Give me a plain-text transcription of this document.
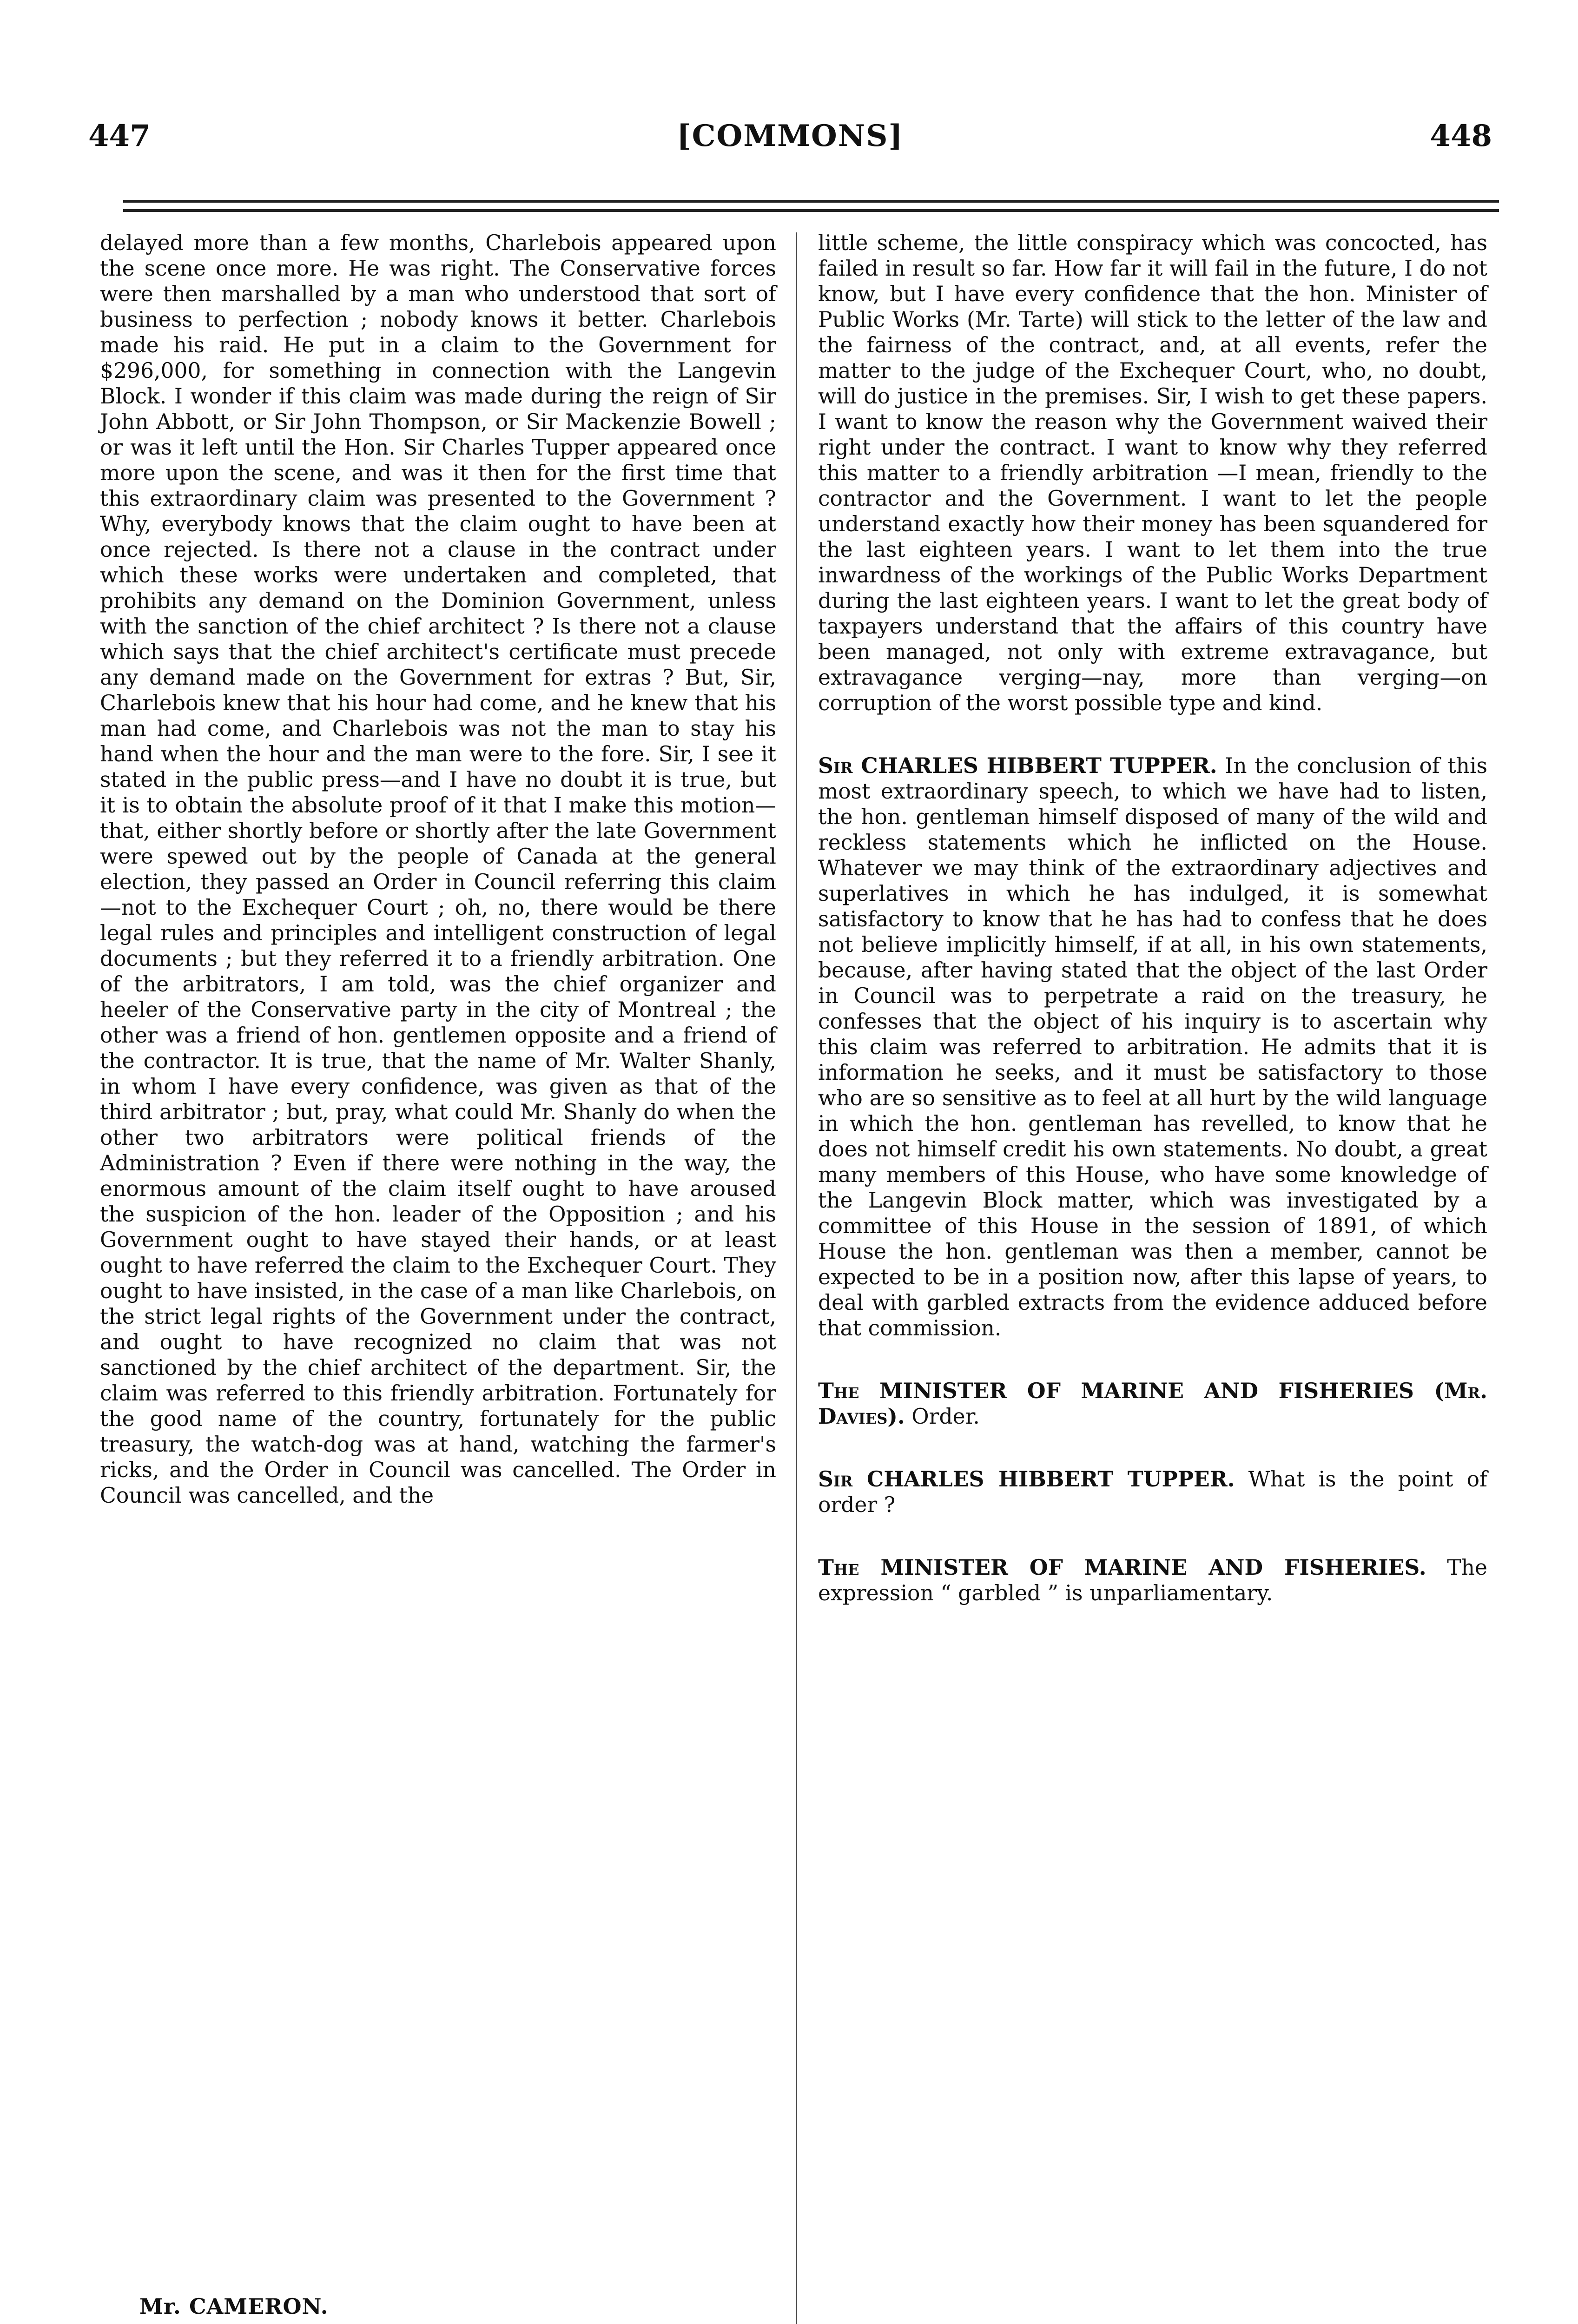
447	[COMMONS]	448

delayed more than a few months, Charlebois appeared upon the scene once more. He was right. The Conservative forces were then marshalled by a man who understood that sort of business to perfection ; nobody knows it better. Charlebois made his raid. He put in a claim to the Government for $296,000, for something in connection with the Langevin Block. I wonder if this claim was made during the reign of Sir John Abbott, or Sir John Thompson, or Sir Mackenzie Bowell ; or was it left until the Hon. Sir Charles Tupper appeared once more upon the scene, and was it then for the first time that this extraordinary claim was presented to the Government ? Why, everybody knows that the claim ought to have been at once rejected. Is there not a clause in the contract under which these works were undertaken and completed, that prohibits any demand on the Dominion Government, unless with the sanction of the chief architect ? Is there not a clause which says that the chief architect's certificate must precede any demand made on the Government for extras ? But, Sir, Charlebois knew that his hour had come, and he knew that his man had come, and Charlebois was not the man to stay his hand when the hour and the man were to the fore. Sir, I see it stated in the public press—and I have no doubt it is true, but it is to obtain the absolute proof of it that I make this motion—that, either shortly before or shortly after the late Government were spewed out by the people of Canada at the general election, they passed an Order in Council referring this claim—not to the Exchequer Court ; oh, no, there would be there legal rules and principles and intelligent construction of legal documents ; but they referred it to a friendly arbitration. One of the arbitrators, I am told, was the chief organizer and heeler of the Conservative party in the city of Montreal ; the other was a friend of hon. gentlemen opposite and a friend of the contractor. It is true, that the name of Mr. Walter Shanly, in whom I have every confidence, was given as that of the third arbitrator ; but, pray, what could Mr. Shanly do when the other two arbitrators were political friends of the Administration ? Even if there were nothing in the way, the enormous amount of the claim itself ought to have aroused the suspicion of the hon. leader of the Opposition ; and his Government ought to have stayed their hands, or at least ought to have referred the claim to the Exchequer Court. They ought to have insisted, in the case of a man like Charlebois, on the strict legal rights of the Government under the contract, and ought to have recognized no claim that was not sanctioned by the chief architect of the department. Sir, the claim was referred to this friendly arbitration. Fortunately for the good name of the country, fortunately for the public treasury, the watch-dog was at hand, watching the farmer's ricks, and the Order in Council was cancelled. The Order in Council was cancelled, and the

little scheme, the little conspiracy which was concocted, has failed in result so far. How far it will fail in the future, I do not know, but I have every confidence that the hon. Minister of Public Works (Mr. Tarte) will stick to the letter of the law and the fairness of the contract, and, at all events, refer the matter to the judge of the Exchequer Court, who, no doubt, will do justice in the premises. Sir, I wish to get these papers. I want to know the reason why the Government waived their right under the contract. I want to know why they referred this matter to a friendly arbitration —I mean, friendly to the contractor and the Government. I want to let the people understand exactly how their money has been squandered for the last eighteen years. I want to let them into the true inwardness of the workings of the Public Works Department during the last eighteen years. I want to let the great body of taxpayers understand that the affairs of this country have been managed, not only with extreme extravagance, but extravagance verging—nay, more than verging—on corruption of the worst possible type and kind.

Sir CHARLES HIBBERT TUPPER. In the conclusion of this most extraordinary speech, to which we have had to listen, the hon. gentleman himself disposed of many of the wild and reckless statements which he inflicted on the House. Whatever we may think of the extraordinary adjectives and superlatives in which he has indulged, it is somewhat satisfactory to know that he has had to confess that he does not believe implicitly himself, if at all, in his own statements, because, after having stated that the object of the last Order in Council was to perpetrate a raid on the treasury, he confesses that the object of his inquiry is to ascertain why this claim was referred to arbitration. He admits that it is information he seeks, and it must be satisfactory to those who are so sensitive as to feel at all hurt by the wild language in which the hon. gentleman has revelled, to know that he does not himself credit his own statements. No doubt, a great many members of this House, who have some knowledge of the Langevin Block matter, which was investigated by a committee of this House in the session of 1891, of which House the hon. gentleman was then a member, cannot be expected to be in a position now, after this lapse of years, to deal with garbled extracts from the evidence adduced before that commission.

The MINISTER OF MARINE AND FISHERIES (Mr. Davies). Order.

Sir CHARLES HIBBERT TUPPER. What is the point of order ?

The MINISTER OF MARINE AND FISHERIES. The expression “ garbled ” is unparliamentary.

Mr. CAMERON.
